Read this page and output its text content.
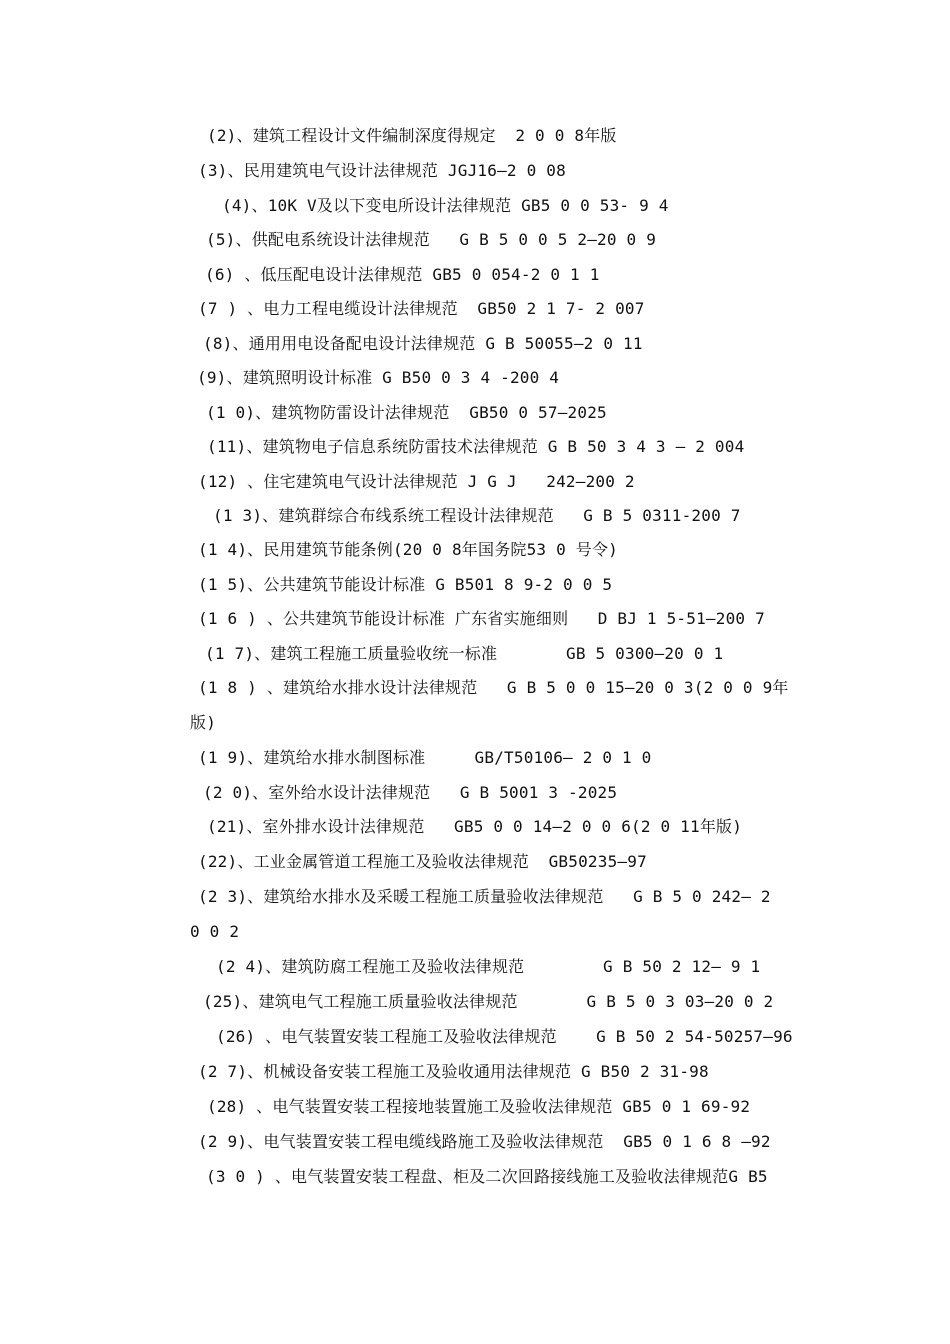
(2)、建筑工程设计文件编制深度得规定  2 0 0 8年版
(3)、民用建筑电气设计法律规范 JGJ16—2 0 08
(4)、10K V及以下变电所设计法律规范 GB5 0 0 53- 9 4
(5)、供配电系统设计法律规范   G B 5 0 0 5 2—20 0 9
(6) 、低压配电设计法律规范 GB5 0 054-2 0 1 1
(7 ) 、电力工程电缆设计法律规范  GB50 2 1 7- 2 007
(8)、通用用电设备配电设计法律规范 G B 50055—2 0 11
(9)、建筑照明设计标准 G B50 0 3 4 -200 4
(1 0)、建筑物防雷设计法律规范  GB50 0 57—2025
(11)、建筑物电子信息系统防雷技术法律规范 G B 50 3 4 3 — 2 004
(12) 、住宅建筑电气设计法律规范 J G J   242—200 2
(1 3)、建筑群综合布线系统工程设计法律规范   G B 5 0311-200 7
(1 4)、民用建筑节能条例(20 0 8年国务院53 0 号令)
(1 5)、公共建筑节能设计标准 G B501 8 9-2 0 0 5
(1 6 ) 、公共建筑节能设计标准 广东省实施细则   D BJ 1 5-51—200 7
(1 7)、建筑工程施工质量验收统一标准       GB 5 0300—20 0 1
(1 8 ) 、建筑给水排水设计法律规范   G B 5 0 0 15—20 0 3(2 0 0 9年
版)
(1 9)、建筑给水排水制图标准     GB/T50106— 2 0 1 0
(2 0)、室外给水设计法律规范   G B 5001 3 -2025
(21)、室外排水设计法律规范   GB5 0 0 14—2 0 0 6(2 0 11年版)
(22)、工业金属管道工程施工及验收法律规范  GB50235—97
(2 3)、建筑给水排水及采暖工程施工质量验收法律规范   G B 5 0 242— 2
0 0 2
(2 4)、建筑防腐工程施工及验收法律规范        G B 50 2 12— 9 1
(25)、建筑电气工程施工质量验收法律规范       G B 5 0 3 03—20 0 2
(26) 、电气装置安装工程施工及验收法律规范    G B 50 2 54-50257—96
(2 7)、机械设备安装工程施工及验收通用法律规范 G B50 2 31-98
(28) 、电气装置安装工程接地装置施工及验收法律规范 GB5 0 1 69-92
(2 9)、电气装置安装工程电缆线路施工及验收法律规范  GB5 0 1 6 8 —92
(3 0 ) 、电气装置安装工程盘、柜及二次回路接线施工及验收法律规范G B5
